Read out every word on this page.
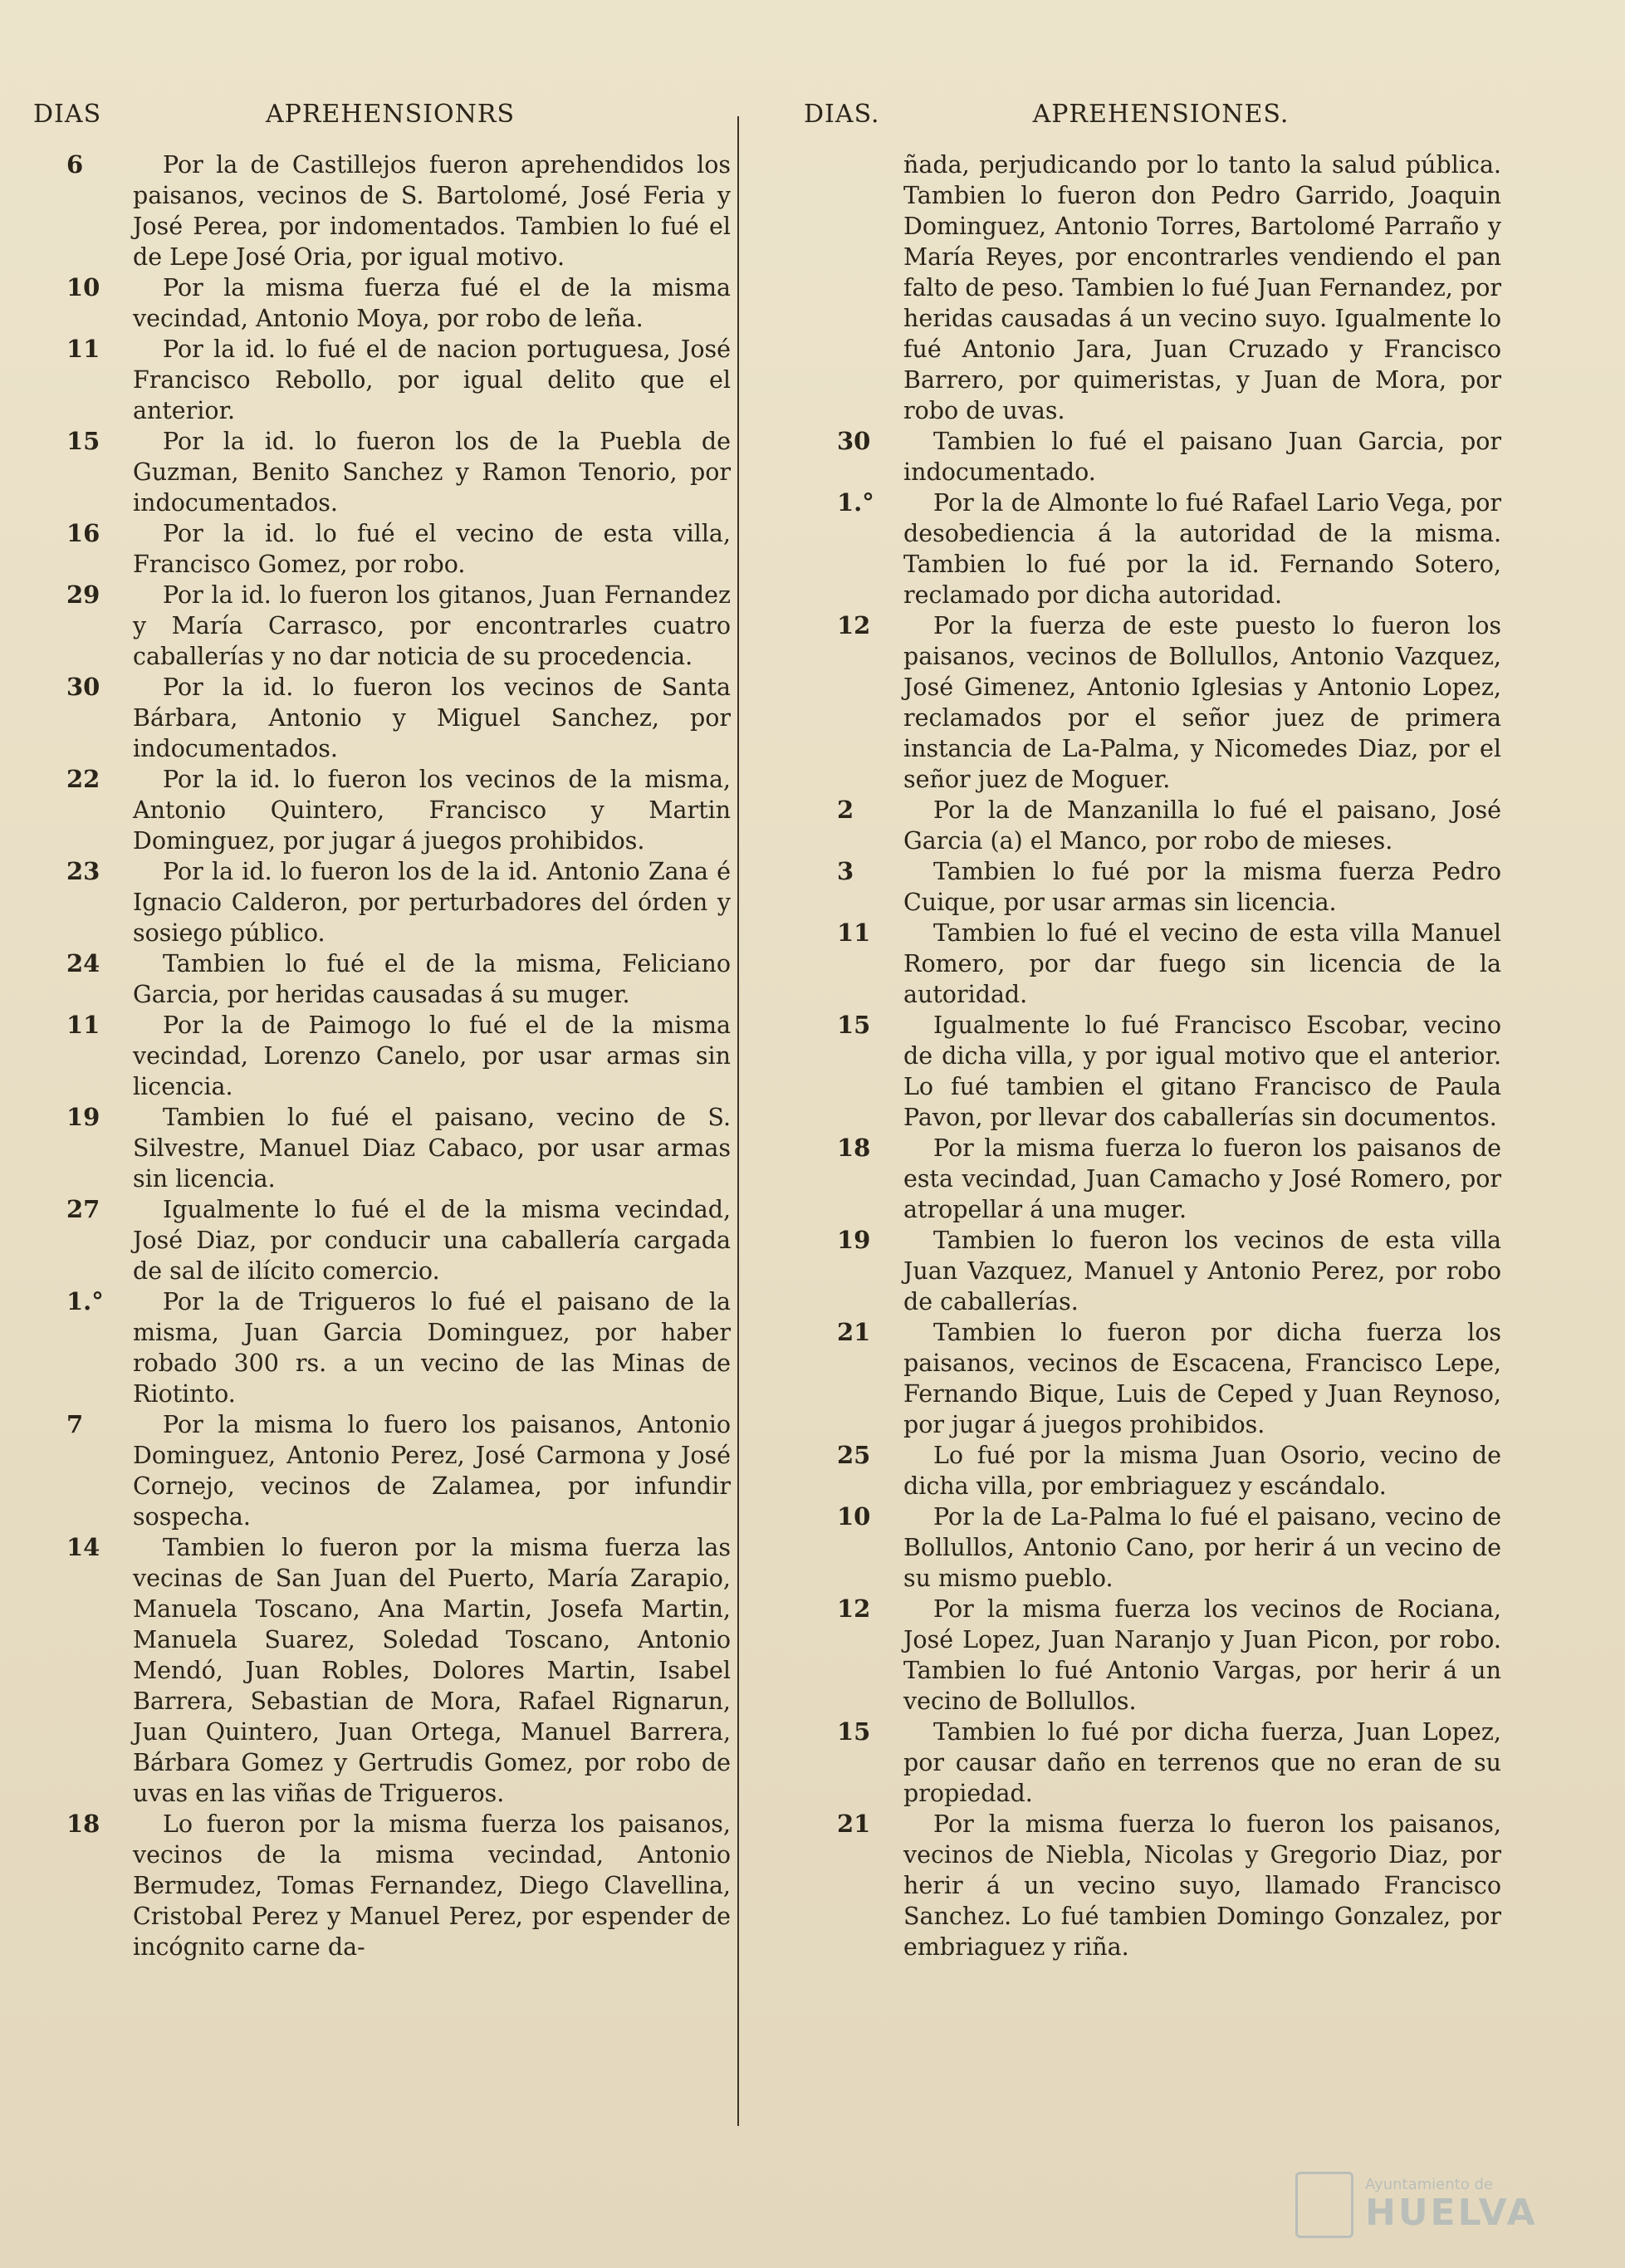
DIAS	APREHENSIONRS
6	Por la de Castillejos fueron aprehendidos los paisanos, vecinos de S. Bartolomé, José Feria y José Perea, por indomentados. Tambien lo fué el de Lepe José Oria, por igual motivo.
10	Por la misma fuerza fué el de la misma vecindad, Antonio Moya, por robo de leña.
11	Por la id. lo fué el de nacion portuguesa, José Francisco Rebollo, por igual delito que el anterior.
15	Por la id. lo fueron los de la Puebla de Guzman, Benito Sanchez y Ramon Tenorio, por indocumentados.
16	Por la id. lo fué el vecino de esta villa, Francisco Gomez, por robo.
29	Por la id. lo fueron los gitanos, Juan Fernandez y María Carrasco, por encontrarles cuatro caballerías y no dar noticia de su procedencia.
30	Por la id. lo fueron los vecinos de Santa Bárbara, Antonio y Miguel Sanchez, por indocumentados.
22	Por la id. lo fueron los vecinos de la misma, Antonio Quintero, Francisco y Martin Dominguez, por jugar á juegos prohibidos.
23	Por la id. lo fueron los de la id. Antonio Zana é Ignacio Calderon, por perturbadores del órden y sosiego público.
24	Tambien lo fué el de la misma, Feliciano Garcia, por heridas causadas á su muger.
11	Por la de Paimogo lo fué el de la misma vecindad, Lorenzo Canelo, por usar armas sin licencia.
19	Tambien lo fué el paisano, vecino de S. Silvestre, Manuel Diaz Cabaco, por usar armas sin licencia.
27	Igualmente lo fué el de la misma vecindad, José Diaz, por conducir una caballería cargada de sal de ilícito comercio.
1.°	Por la de Trigueros lo fué el paisano de la misma, Juan Garcia Dominguez, por haber robado 300 rs. a un vecino de las Minas de Riotinto.
7	Por la misma lo fuero los paisanos, Antonio Dominguez, Antonio Perez, José Carmona y José Cornejo, vecinos de Zalamea, por infundir sospecha.
14	Tambien lo fueron por la misma fuerza las vecinas de San Juan del Puerto, María Zarapio, Manuela Toscano, Ana Martin, Josefa Martin, Manuela Suarez, Soledad Toscano, Antonio Mendó, Juan Robles, Dolores Martin, Isabel Barrera, Sebastian de Mora, Rafael Rignarun, Juan Quintero, Juan Ortega, Manuel Barrera, Bárbara Gomez y Gertrudis Gomez, por robo de uvas en las viñas de Trigueros.
18	Lo fueron por la misma fuerza los paisanos, vecinos de la misma vecindad, Antonio Bermudez, Tomas Fernandez, Diego Clavellina, Cristobal Perez y Manuel Perez, por espender de incógnito carne da-
DIAS.	APREHENSIONES.
ñada, perjudicando por lo tanto la salud pública. Tambien lo fueron don Pedro Garrido, Joaquin Dominguez, Antonio Torres, Bartolomé Parraño y María Reyes, por encontrarles vendiendo el pan falto de peso. Tambien lo fué Juan Fernandez, por heridas causadas á un vecino suyo. Igualmente lo fué Antonio Jara, Juan Cruzado y Francisco Barrero, por quimeristas, y Juan de Mora, por robo de uvas.
30	Tambien lo fué el paisano Juan Garcia, por indocumentado.
1.°	Por la de Almonte lo fué Rafael Lario Vega, por desobediencia á la autoridad de la misma. Tambien lo fué por la id. Fernando Sotero, reclamado por dicha autoridad.
12	Por la fuerza de este puesto lo fueron los paisanos, vecinos de Bollullos, Antonio Vazquez, José Gimenez, Antonio Iglesias y Antonio Lopez, reclamados por el señor juez de primera instancia de La-Palma, y Nicomedes Diaz, por el señor juez de Moguer.
2	Por la de Manzanilla lo fué el paisano, José Garcia (a) el Manco, por robo de mieses.
3	Tambien lo fué por la misma fuerza Pedro Cuique, por usar armas sin licencia.
11	Tambien lo fué el vecino de esta villa Manuel Romero, por dar fuego sin licencia de la autoridad.
15	Igualmente lo fué Francisco Escobar, vecino de dicha villa, y por igual motivo que el anterior. Lo fué tambien el gitano Francisco de Paula Pavon, por llevar dos caballerías sin documentos.
18	Por la misma fuerza lo fueron los paisanos de esta vecindad, Juan Camacho y José Romero, por atropellar á una muger.
19	Tambien lo fueron los vecinos de esta villa Juan Vazquez, Manuel y Antonio Perez, por robo de caballerías.
21	Tambien lo fueron por dicha fuerza los paisanos, vecinos de Escacena, Francisco Lepe, Fernando Bique, Luis de Ceped y Juan Reynoso, por jugar á juegos prohibidos.
25	Lo fué por la misma Juan Osorio, vecino de dicha villa, por embriaguez y escándalo.
10	Por la de La-Palma lo fué el paisano, vecino de Bollullos, Antonio Cano, por herir á un vecino de su mismo pueblo.
12	Por la misma fuerza los vecinos de Rociana, José Lopez, Juan Naranjo y Juan Picon, por robo. Tambien lo fué Antonio Vargas, por herir á un vecino de Bollullos.
15	Tambien lo fué por dicha fuerza, Juan Lopez, por causar daño en terrenos que no eran de su propiedad.
21	Por la misma fuerza lo fueron los paisanos, vecinos de Niebla, Nicolas y Gregorio Diaz, por herir á un vecino suyo, llamado Francisco Sanchez. Lo fué tambien Domingo Gonzalez, por embriaguez y riña.
Ayuntamiento de
HUELVA
